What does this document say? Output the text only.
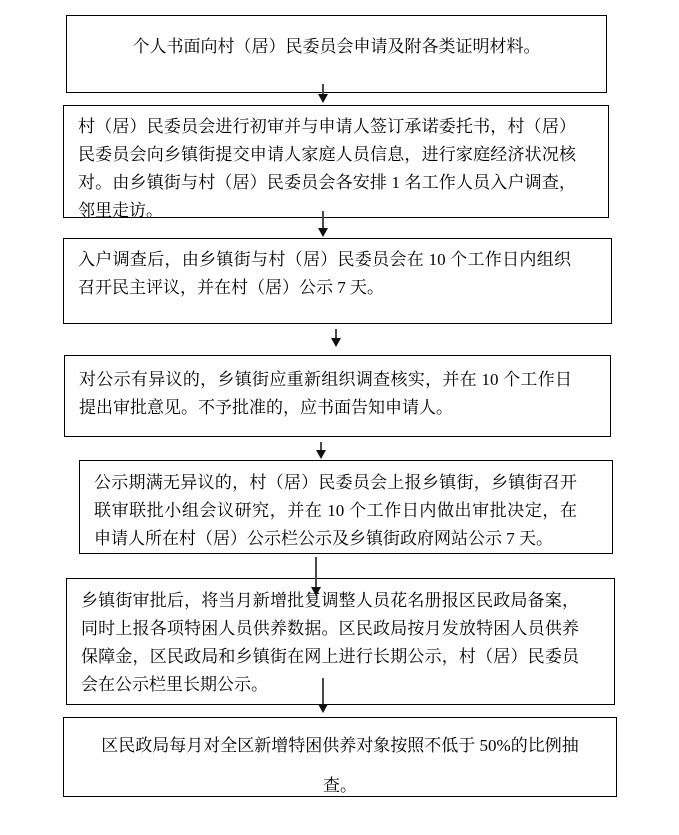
个人书面向村（居）民委员会申请及附各类证明材料。
村（居）民委员会进行初审并与申请人签订承诺委托书，村（居）民委员会向乡镇街提交申请人家庭人员信息，进行家庭经济状况核对。由乡镇街与村（居）民委员会各安排 1 名工作人员入户调查，邻里走访。
入户调查后，由乡镇街与村（居）民委员会在 10 个工作日内组织召开民主评议，并在村（居）公示 7 天。
对公示有异议的，乡镇街应重新组织调查核实，并在 10 个工作日提出审批意见。不予批准的，应书面告知申请人。
公示期满无异议的，村（居）民委员会上报乡镇街，乡镇街召开联审联批小组会议研究，并在 10 个工作日内做出审批决定，在申请人所在村（居）公示栏公示及乡镇街政府网站公示 7 天。
乡镇街审批后，将当月新增批复调整人员花名册报区民政局备案，同时上报各项特困人员供养数据。区民政局按月发放特困人员供养保障金，区民政局和乡镇街在网上进行长期公示，村（居）民委员会在公示栏里长期公示。
区民政局每月对全区新增特困供养对象按照不低于 50%的比例抽查。
